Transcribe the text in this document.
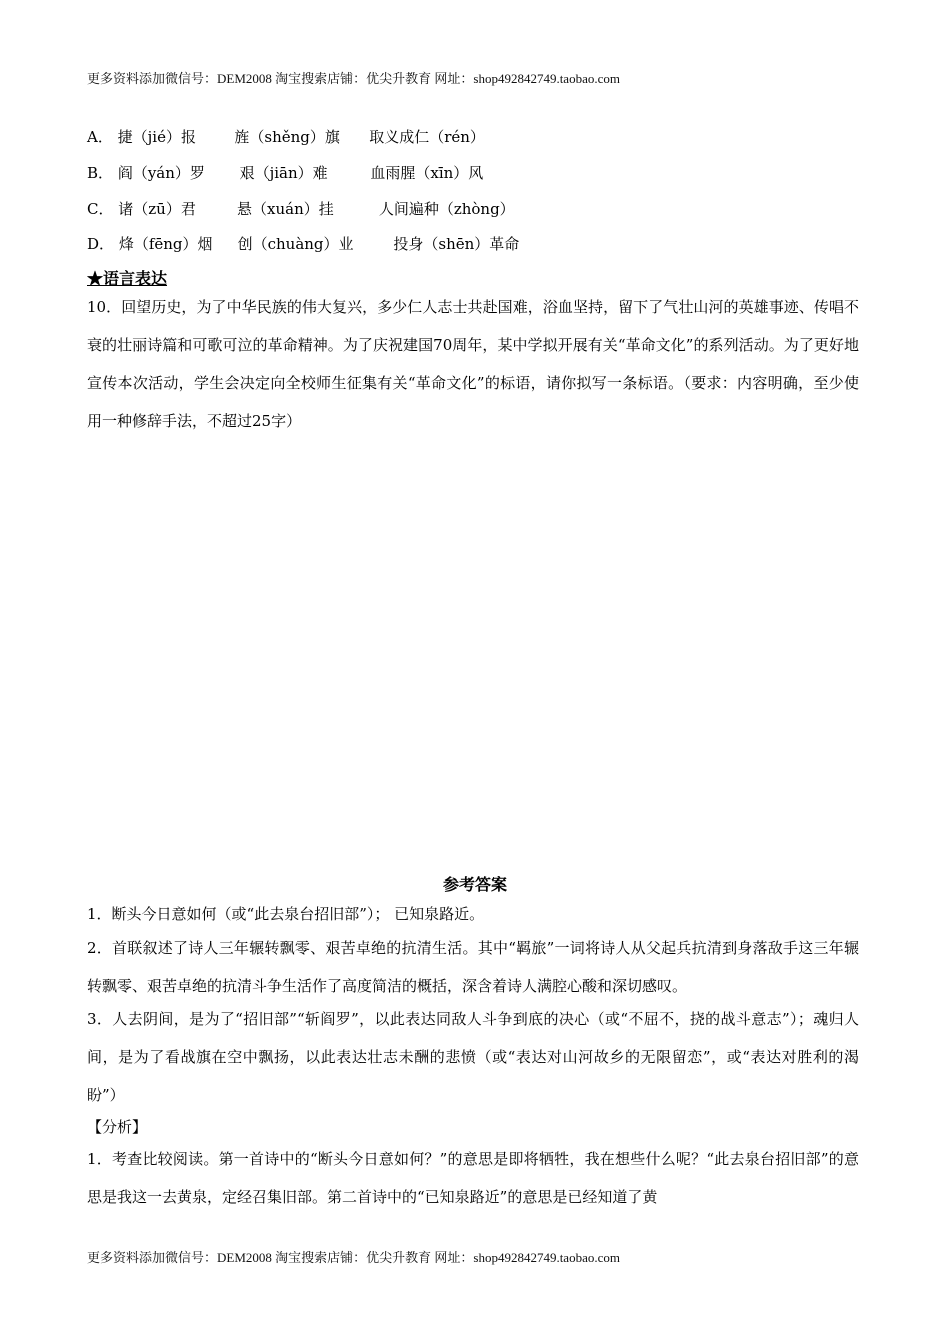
更多资料添加微信号：DEM2008 淘宝搜索店铺：优尖升教育 网址：shop492842749.taobao.com
A． 捷（jié）报	旌（shěng）旗 取义成仁（rén）
B． 阎（yán）罗 艰（jiān）难	血雨腥（xīn）风
C． 诸（zū）君	悬（xuán）挂	人间遍种（zhòng）
D． 烽（fēng）烟 创（chuàng）业	投身（shēn）革命
★语言表达
10．回望历史，为了中华民族的伟大复兴，多少仁人志士共赴国难，浴血坚持，留下了气壮山河的英雄事迹、传唱不衰的壮丽诗篇和可歌可泣的革命精神。为了庆祝建国70周年，某中学拟开展有关“革命文化”的系列活动。为了更好地宣传本次活动，学生会决定向全校师生征集有关“革命文化”的标语，请你拟写一条标语。（要求：内容明确，至少使用一种修辞手法，不超过25字）
参考答案
1．断头今日意如何（或“此去泉台招旧部”）； 已知泉路近。
2．首联叙述了诗人三年辗转飘零、艰苦卓绝的抗清生活。其中“羁旅”一词将诗人从父起兵抗清到身落敌手这三年辗转飘零、艰苦卓绝的抗清斗争生活作了高度简洁的概括，深含着诗人满腔心酸和深切感叹。
3．人去阴间，是为了“招旧部”“斩阎罗”，以此表达同敌人斗争到底的决心（或“不屈不，挠的战斗意志”）；魂归人间，是为了看战旗在空中飘扬，以此表达壮志未酬的悲愤（或“表达对山河故乡的无限留恋”，或“表达对胜利的渴盼”）
【分析】
1．考查比较阅读。第一首诗中的“断头今日意如何？”的意思是即将牺牲，我在想些什么呢？“此去泉台招旧部”的意思是我这一去黄泉，定经召集旧部。第二首诗中的“已知泉路近”的意思是已经知道了黄
更多资料添加微信号：DEM2008 淘宝搜索店铺：优尖升教育 网址：shop492842749.taobao.com
